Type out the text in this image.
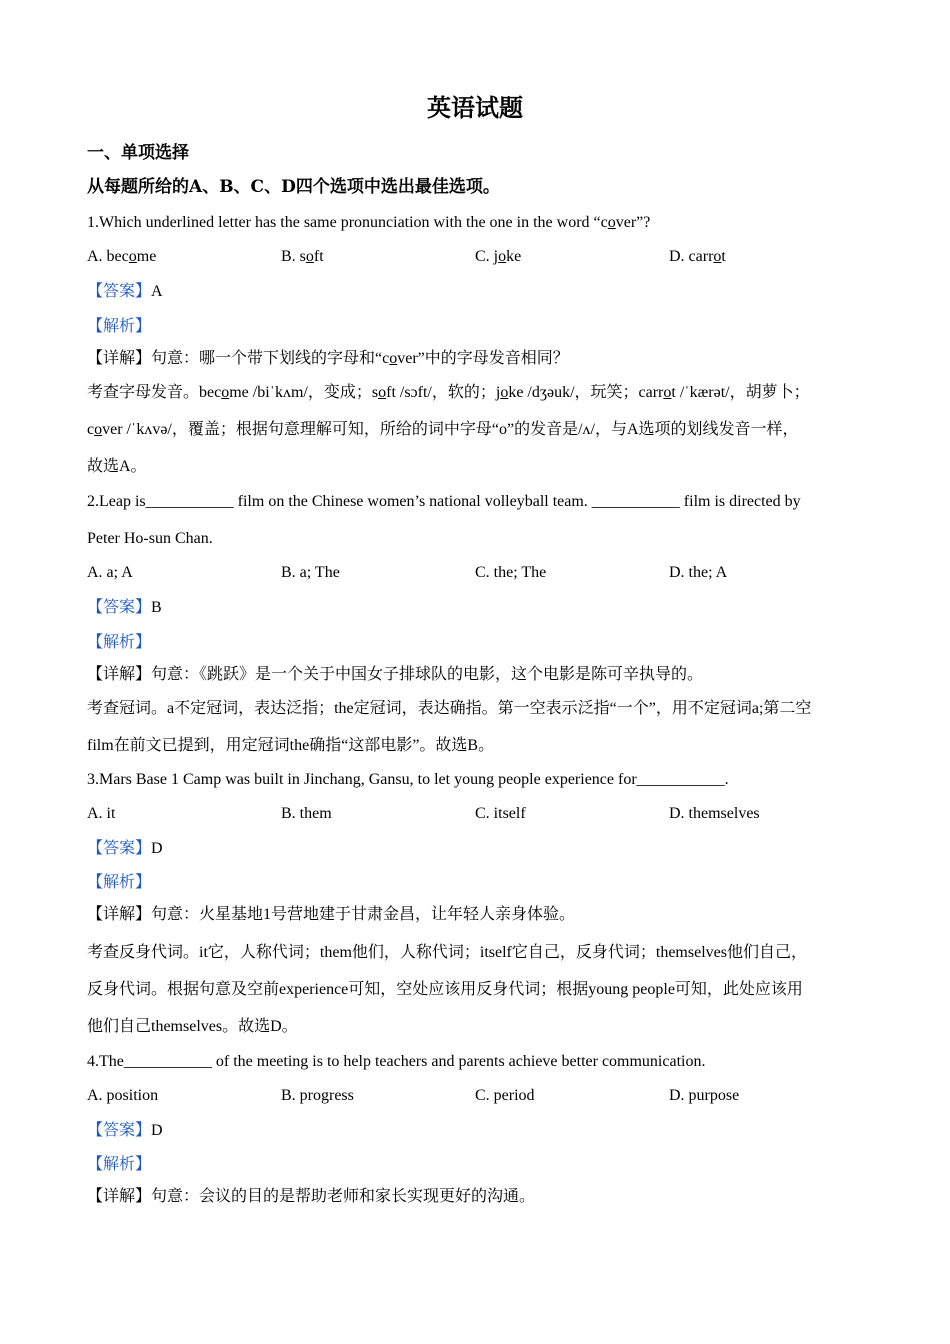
英语试题
一、单项选择
从每题所给的A、B、C、D四个选项中选出最佳选项。
1.Which underlined letter has the same pronunciation with the one in the word “cover”?
A. become	B. soft	C. joke	D. carrot
【答案】A
【解析】
【详解】句意：哪一个带下划线的字母和“cover”中的字母发音相同？
考查字母发音。become /biˈkʌm/，变成；soft /sɔft/，软的；joke /dʒəuk/，玩笑；carrot /ˈkærət/，胡萝卜；
cover /ˈkʌvə/，覆盖；根据句意理解可知，所给的词中字母“o”的发音是/ʌ/，与A选项的划线发音一样，
故选A。
2.Leap is___________ film on the Chinese women’s national volleyball team. ___________ film is directed by
Peter Ho-sun Chan.
A. a; A	B. a; The	C. the; The	D. the; A
【答案】B
【解析】
【详解】句意：《跳跃》是一个关于中国女子排球队的电影，这个电影是陈可辛执导的。
考查冠词。a不定冠词，表达泛指；the定冠词，表达确指。第一空表示泛指“一个”，用不定冠词a;第二空
film在前文已提到，用定冠词the确指“这部电影”。故选B。
3.Mars Base 1 Camp was built in Jinchang, Gansu, to let young people experience for___________.
A. it	B. them	C. itself	D. themselves
【答案】D
【解析】
【详解】句意：火星基地1号营地建于甘肃金昌，让年轻人亲身体验。
考查反身代词。it它，人称代词；them他们，人称代词；itself它自己，反身代词；themselves他们自己，
反身代词。根据句意及空前experience可知，空处应该用反身代词；根据young people可知，此处应该用
他们自己themselves。故选D。
4.The___________ of the meeting is to help teachers and parents achieve better communication.
A. position	B. progress	C. period	D. purpose
【答案】D
【解析】
【详解】句意：会议的目的是帮助老师和家长实现更好的沟通。
